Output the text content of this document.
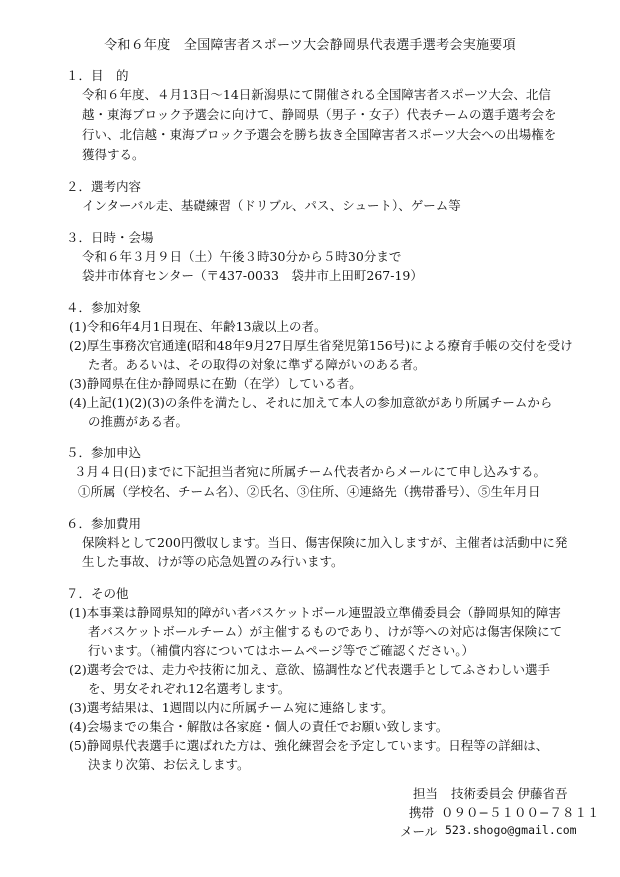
令和６年度　全国障害者スポーツ大会静岡県代表選手選考会実施要項
１．目　的
令和６年度、４月13日〜14日新潟県にて開催される全国障害者スポーツ大会、北信
越・東海ブロック予選会に向けて、静岡県（男子・女子）代表チームの選手選考会を
行い、北信越・東海ブロック予選会を勝ち抜き全国障害者スポーツ大会への出場権を
獲得する。
２．選考内容
インターバル走、基礎練習（ドリブル、パス、シュート）、ゲーム等
３．日時・会場
令和６年３月９日（土）午後３時30分から５時30分まで
袋井市体育センター（〒437-0033　袋井市上田町267-19）
４．参加対象
(1)令和6年4月1日現在、年齢13歳以上の者。
(2)厚生事務次官通達(昭和48年9月27日厚生省発児第156号)による療育手帳の交付を受け
た者。あるいは、その取得の対象に準ずる障がいのある者。
(3)静岡県在住か静岡県に在勤（在学）している者。
(4)上記(1)(2)(3)の条件を満たし、それに加えて本人の参加意欲があり所属チームから
の推薦がある者。
５．参加申込
３月４日(日)までに下記担当者宛に所属チーム代表者からメールにて申し込みする。
①所属（学校名、チーム名）、②氏名、③住所、④連絡先（携帯番号）、⑤生年月日
６．参加費用
保険料として200円徴収します。当日、傷害保険に加入しますが、主催者は活動中に発
生した事故、けが等の応急処置のみ行います。
７．その他
(1)本事業は静岡県知的障がい者バスケットボール連盟設立準備委員会（静岡県知的障害
者バスケットボールチーム）が主催するものであり、けが等への対応は傷害保険にて
行います。（補償内容についてはホームページ等でご確認ください。）
(2)選考会では、走力や技術に加え、意欲、協調性など代表選手としてふさわしい選手
を、男女それぞれ12名選考します。
(3)選考結果は、1週間以内に所属チーム宛に連絡します。
(4)会場までの集合・解散は各家庭・個人の責任でお願い致します。
(5)静岡県代表選手に選ばれた方は、強化練習会を予定しています。日程等の詳細は、
決まり次第、お伝えします。
担当 技術委員会 伊藤省吾
携帯 ０９０−５１００−７８１１
メール 523.shogo@gmail.com
